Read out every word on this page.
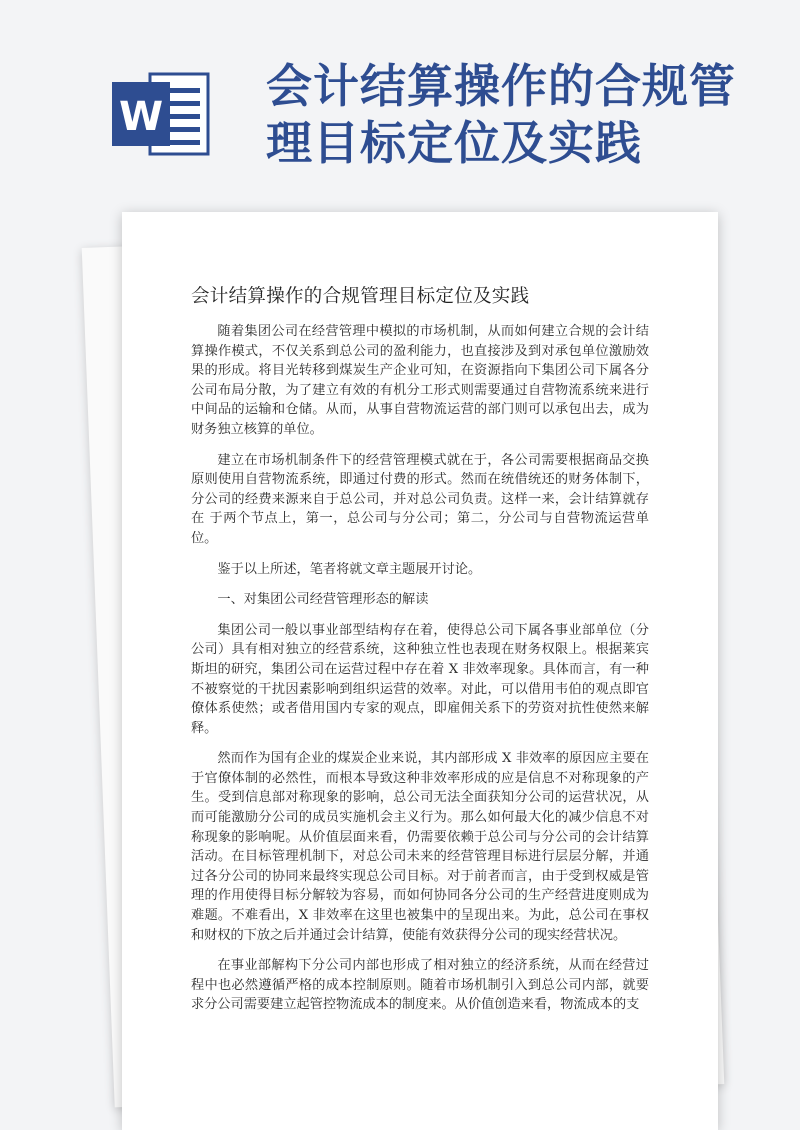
W
会计结算操作的合规管
理目标定位及实践
会计结算操作的合规管理目标定位及实践

随着集团公司在经营管理中模拟的市场机制，从而如何建立合规的会计结算操作模式，不仅关系到总公司的盈利能力，也直接涉及到对承包单位激励效果的形成。将目光转移到煤炭生产企业可知，在资源指向下集团公司下属各分公司布局分散，为了建立有效的有机分工形式则需要通过自营物流系统来进行中间品的运输和仓储。从而，从事自营物流运营的部门则可以承包出去，成为财务独立核算的单位。

建立在市场机制条件下的经营管理模式就在于，各公司需要根据商品交换原则使用自营物流系统，即通过付费的形式。然而在统借统还的财务体制下，分公司的经费来源来自于总公司，并对总公司负责。这样一来，会计结算就存在 于两个节点上，第一，总公司与分公司；第二，分公司与自营物流运营单位。

鉴于以上所述，笔者将就文章主题展开讨论。

一、对集团公司经营管理形态的解读

集团公司一般以事业部型结构存在着，使得总公司下属各事业部单位（分公司）具有相对独立的经营系统，这种独立性也表现在财务权限上。根据莱宾斯坦的研究，集团公司在运营过程中存在着 X 非效率现象。具体而言，有一种不被察觉的干扰因素影响到组织运营的效率。对此，可以借用韦伯的观点即官僚体系使然；或者借用国内专家的观点，即雇佣关系下的劳资对抗性使然来解释。

然而作为国有企业的煤炭企业来说，其内部形成 X 非效率的原因应主要在于官僚体制的必然性，而根本导致这种非效率形成的应是信息不对称现象的产生。受到信息部对称现象的影响，总公司无法全面获知分公司的运营状况，从而可能激励分公司的成员实施机会主义行为。那么如何最大化的减少信息不对称现象的影响呢。从价值层面来看，仍需要依赖于总公司与分公司的会计结算活动。在目标管理机制下，对总公司未来的经营管理目标进行层层分解，并通过各分公司的协同来最终实现总公司目标。对于前者而言，由于受到权威是管理的作用使得目标分解较为容易，而如何协同各分公司的生产经营进度则成为难题。不难看出，X 非效率在这里也被集中的呈现出来。为此，总公司在事权和财权的下放之后并通过会计结算，使能有效获得分公司的现实经营状况。

在事业部解构下分公司内部也形成了相对独立的经济系统，从而在经营过程中也必然遵循严格的成本控制原则。随着市场机制引入到总公司内部，就要求分公司需要建立起管控物流成本的制度来。从价值创造来看，物流成本的支
